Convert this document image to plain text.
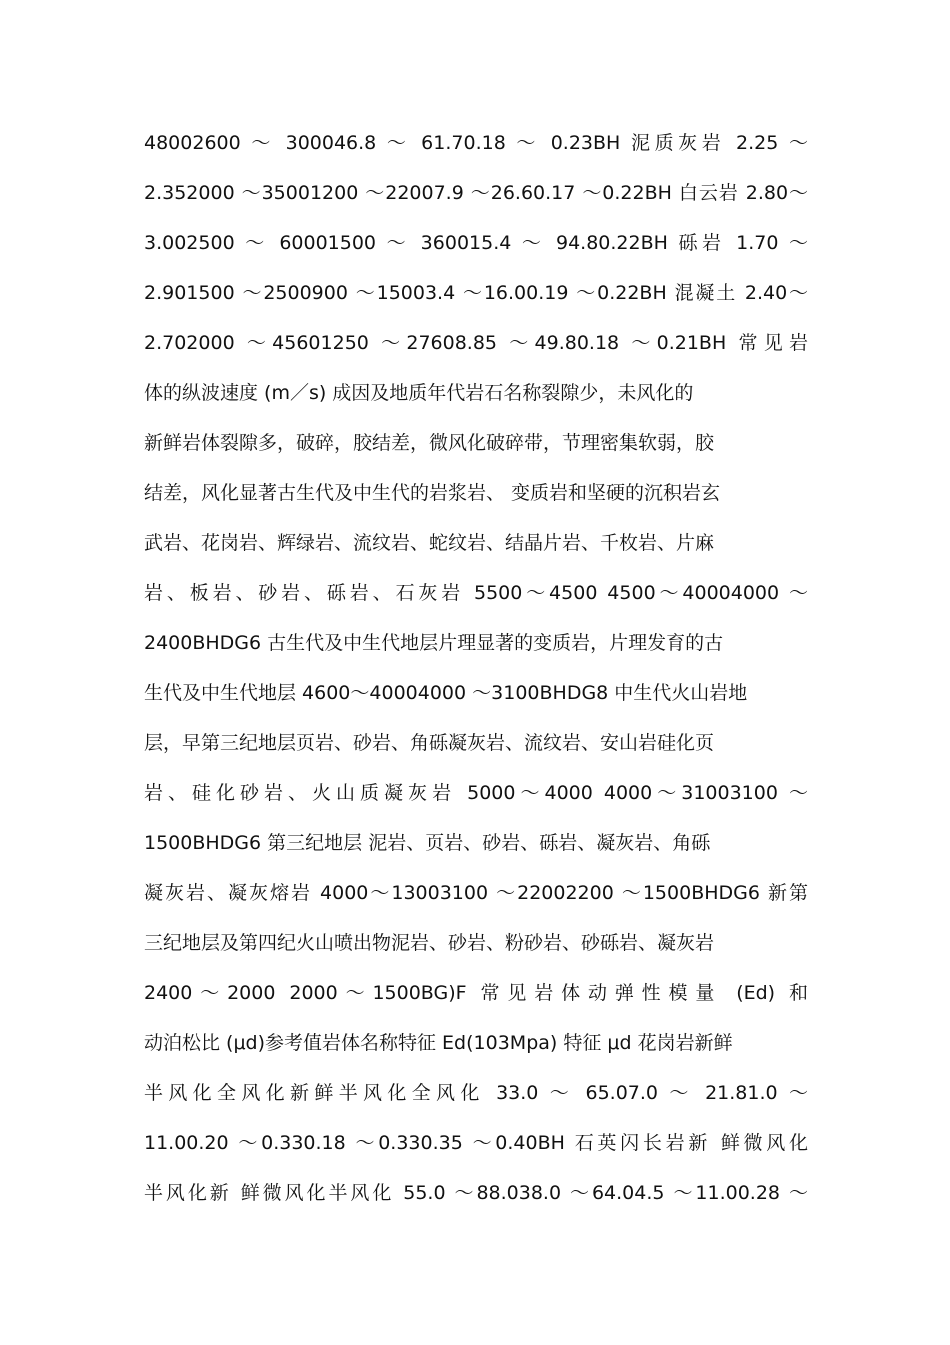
48002600 ～ 300046.8 ～ 61.70.18 ～ 0.23BH 泥质灰岩 2.25 ～
2.352000 ～35001200 ～22007.9 ～26.60.17 ～0.22BH 白云岩 2.80～
3.002500 ～ 60001500 ～ 360015.4 ～ 94.80.22BH 砾岩 1.70 ～
2.901500 ～2500900 ～15003.4 ～16.00.19 ～0.22BH 混凝土 2.40～
2.702000 ～45601250 ～27608.85 ～49.80.18 ～0.21BH 常见岩
体的纵波速度 (m／s) 成因及地质年代岩石名称裂隙少，未风化的
新鲜岩体裂隙多，破碎，胶结差，微风化破碎带，节理密集软弱，胶
结差，风化显著古生代及中生代的岩浆岩、 变质岩和坚硬的沉积岩玄
武岩、花岗岩、辉绿岩、流纹岩、蛇纹岩、结晶片岩、千枚岩、片麻
岩、板岩、砂岩、砾岩、石灰岩 5500～4500 4500～40004000 ～
2400BHDG6 古生代及中生代地层片理显著的变质岩，片理发育的古
生代及中生代地层 4600～40004000 ～3100BHDG8 中生代火山岩地
层，早第三纪地层页岩、砂岩、角砾凝灰岩、流纹岩、安山岩硅化页
岩、硅化砂岩、火山质凝灰岩 5000～4000 4000～31003100 ～
1500BHDG6 第三纪地层 泥岩、页岩、砂岩、砾岩、凝灰岩、角砾
凝灰岩、凝灰熔岩 4000～13003100 ～22002200 ～1500BHDG6 新第
三纪地层及第四纪火山喷出物泥岩、砂岩、粉砂岩、砂砾岩、凝灰岩
2400～2000 2000～1500BG)F 常见岩体动弹性模量 (Ed) 和
动泊松比 (μd)参考值岩体名称特征 Ed(103Mpa) 特征 μd 花岗岩新鲜
半风化全风化新鲜半风化全风化 33.0 ～ 65.07.0 ～ 21.81.0 ～
11.00.20 ～0.330.18 ～0.330.35 ～0.40BH 石英闪长岩新 鲜微风化
半风化新 鲜微风化半风化 55.0 ～88.038.0 ～64.04.5 ～11.00.28 ～
